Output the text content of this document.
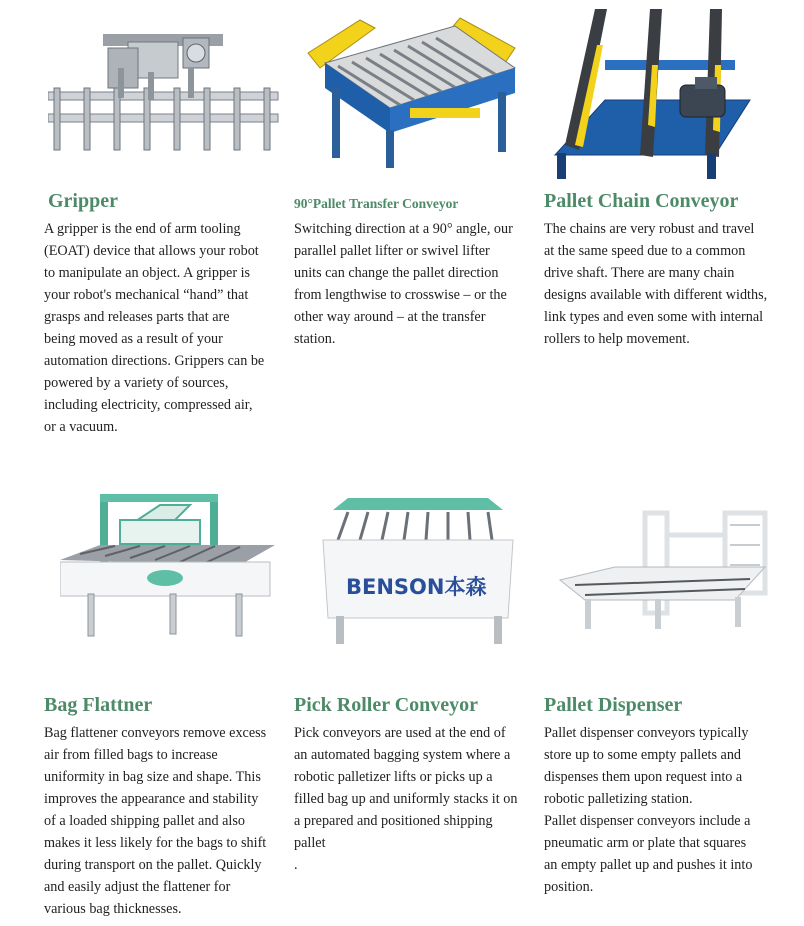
Gripper

A gripper is the end of arm tooling
(EOAT) device that allows your robot
to manipulate an object. A gripper is
your robot's mechanical “hand” that
grasps and releases parts that are
being moved as a result of your
automation directions. Grippers can be
powered by a variety of sources,
including electricity, compressed air,
or a vacuum.

90°Pallet Transfer Conveyor

Switching direction at a 90° angle, our
parallel pallet lifter or swivel lifter
units can change the pallet direction
from lengthwise to crosswise – or the
other way around – at the transfer
station.

Pallet Chain Conveyor

The chains are very robust and travel
at the same speed due to a common
drive shaft. There are many chain
designs available with different widths,
link types and even some with internal
rollers to help movement.

Bag Flattner

Bag flattener conveyors remove excess
air from filled bags to increase
uniformity in bag size and shape. This
improves the appearance and stability
of a loaded shipping pallet and also
makes it less likely for the bags to shift
during transport on the pallet. Quickly
and easily adjust the flattener for
various bag thicknesses.

BENSON本森
Pick Roller Conveyor

Pick conveyors are used at the end of
an automated bagging system where a
robotic palletizer lifts or picks up a
filled bag up and uniformly stacks it on
a prepared and positioned shipping
pallet
.

Pallet Dispenser

Pallet dispenser conveyors typically
store up to some empty pallets and
dispenses them upon request into a
robotic palletizing station.
Pallet dispenser conveyors include a
pneumatic arm or plate that squares
an empty pallet up and pushes it into
position.
